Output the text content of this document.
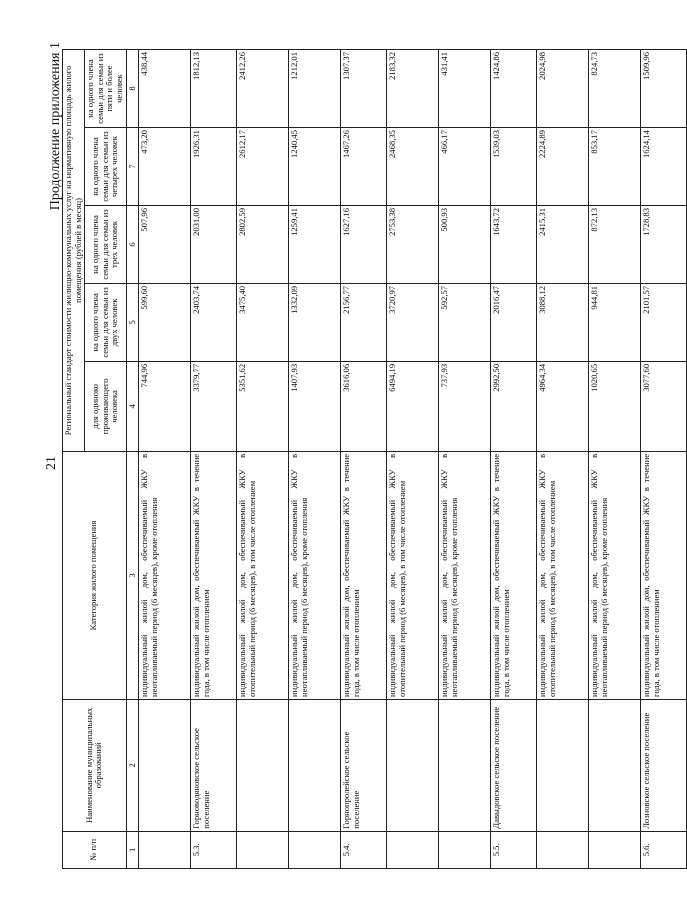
21
Продолжение приложения 1
№ п/п	Наименование муниципальных образований	Категория жилого помещения	Региональный стандарт стоимости жилищно-коммунальных услуг на нормативную площадь жилого помещения (рублей в месяц)				
			для одиноко проживающего человека	на одного члена семьи для семьи из двух человек	на одного члена семьи для семьи из трех человек	на одного члена семьи для семьи из четырех человек	на одного члена семьи для семьи из пяти и более человек
1	2	3	4	5	6	7	8
		индивидуальный жилой дом, обеспечиваемый ЖКУ в неотапливаемый период (6 месяцев), кроме отопления	744,96	599,60	507,96	473,20	438,44
5.3.	Горноводяновское сельское поселение	индивидуальный жилой дом, обеспечиваемый ЖКУ в течение года, в том числе отоплением	3379,77	2403,74	2031,00	1926,31	1812,13
		индивидуальный жилой дом, обеспечиваемый ЖКУ в отопительный период (6 месяцев), в том числе отоплением	5351,62	3475,40	2802,59	2612,17	2412,26
		индивидуальный жилой дом, обеспечиваемый ЖКУ в неотапливаемый период (6 месяцев), кроме отопления	1407,93	1332,09	1259,41	1240,45	1212,01
5.4.	Горнопролейское сельское поселение	индивидуальный жилой дом, обеспечиваемый ЖКУ в течение года, в том числе отоплением	3616,06	2156,77	1627,16	1467,26	1307,37
		индивидуальный жилой дом, обеспечиваемый ЖКУ в отопительный период (6 месяцев), в том числе отоплением	6494,19	3720,97	2753,38	2468,35	2183,32
		индивидуальный жилой дом, обеспечиваемый ЖКУ в неотапливаемый период (6 месяцев), кроме отопления	737,93	592,57	500,93	466,17	431,41
5.5.	Давыдовское сельское поселение	индивидуальный жилой дом, обеспечиваемый ЖКУ в течение года, в том числе отоплением	2992,50	2016,47	1643,72	1539,03	1424,86
		индивидуальный жилой дом, обеспечиваемый ЖКУ в отопительный период (6 месяцев), в том числе отоплением	4964,34	3088,12	2415,31	2224,89	2024,98
		индивидуальный жилой дом, обеспечиваемый ЖКУ в неотапливаемый период (6 месяцев), кроме отопления	1020,65	944,81	872,13	853,17	824,73
5.6.	Лозновское сельское поселение	индивидуальный жилой дом, обеспечиваемый ЖКУ в течение года, в том числе отоплением	3077,60	2101,57	1728,83	1624,14	1509,96
